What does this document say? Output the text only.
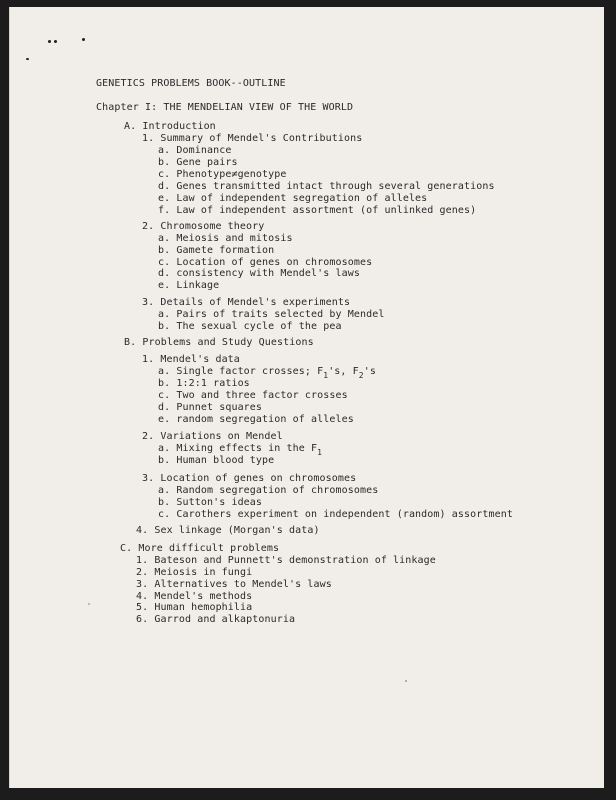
GENETICS PROBLEMS BOOK--OUTLINE
Chapter I: THE MENDELIAN VIEW OF THE WORLD
A. Introduction
1. Summary of Mendel's Contributions
a. Dominance
b. Gene pairs
c. Phenotype≠genotype
d. Genes transmitted intact through several generations
e. Law of independent segregation of alleles
f. Law of independent assortment (of unlinked genes)
2. Chromosome theory
a. Meiosis and mitosis
b. Gamete formation
c. Location of genes on chromosomes
d. consistency with Mendel's laws
e. Linkage
3. Details of Mendel's experiments
a. Pairs of traits selected by Mendel
b. The sexual cycle of the pea
B. Problems and Study Questions
1. Mendel's data
a. Single factor crosses; $F_1's$, $F_2's$
b. 1:2:1 ratios
c. Two and three factor crosses
d. Punnet squares
e. random segregation of alleles
2. Variations on Mendel
a. Mixing effects in the $F_1$
b. Human blood type
3. Location of genes on chromosomes
a. Random segregation of chromosomes
b. Sutton's ideas
c. Carothers experiment on independent (random) assortment
4. Sex linkage (Morgan's data)
C. More difficult problems
1. Bateson and Punnett's demonstration of linkage
2. Meiosis in fungi
3. Alternatives to Mendel's laws
4. Mendel's methods
5. Human hemophilia
6. Garrod and alkaptonuria
